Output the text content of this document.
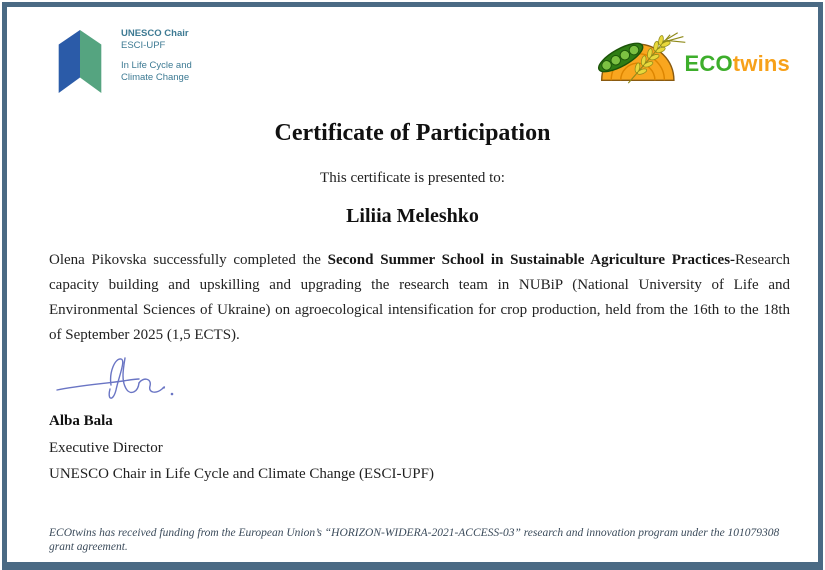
UNESCO Chair
ESCI-UPF
In Life Cycle and
Climate Change
ECOtwins
Certificate of Participation

This certificate is presented to:

Liliia Meleshko

Olena Pikovska successfully completed the Second Summer School in Sustainable Agriculture Practices-Research capacity building and upskilling and upgrading the research team in NUBiP (National University of Life and Environmental Sciences of Ukraine) on agroecological intensification for crop production, held from the 16th to the 18th of September 2025 (1,5 ECTS).

Alba Bala
Executive Director
UNESCO Chair in Life Cycle and Climate Change (ESCI-UPF)
ECOtwins has received funding from the European Union’s “HORIZON-WIDERA-2021-ACCESS-03” research and innovation program under the 101079308 grant agreement.
